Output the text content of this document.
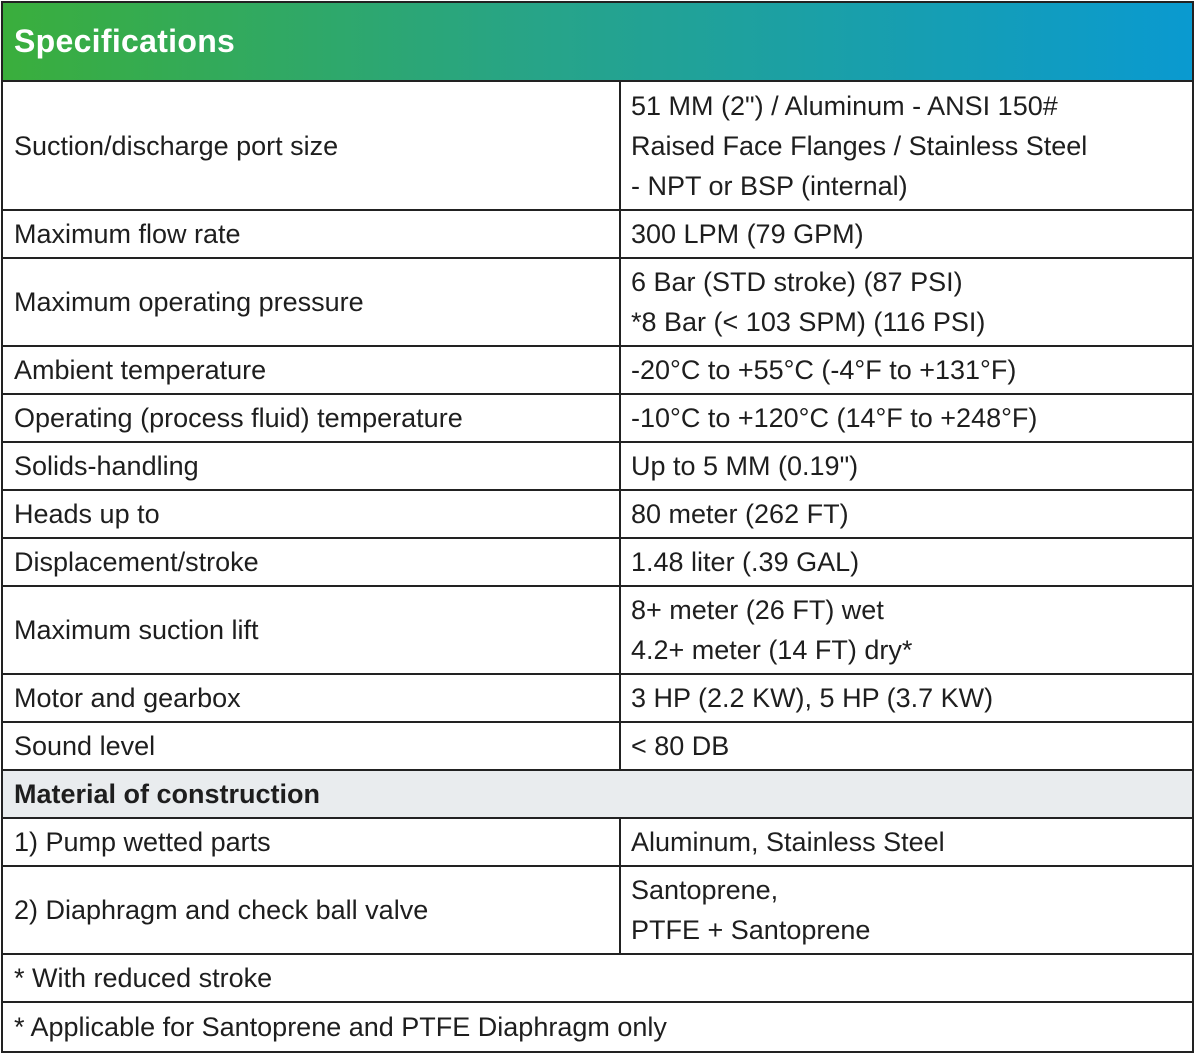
Specifications
Suction/discharge port size	51 MM (2") / Aluminum - ANSI 150#
Raised Face Flanges / Stainless Steel
- NPT or BSP (internal)

Maximum flow rate	300 LPM (79 GPM)
Maximum operating pressure	6 Bar (STD stroke) (87 PSI)
*8 Bar (< 103 SPM) (116 PSI)

Ambient temperature	-20°C to +55°C (-4°F to +131°F)
Operating (process fluid) temperature	-10°C to +120°C (14°F to +248°F)
Solids-handling	Up to 5 MM (0.19")
Heads up to	80 meter (262 FT)
Displacement/stroke	1.48 liter (.39 GAL)
Maximum suction lift	8+ meter (26 FT) wet
4.2+ meter (14 FT) dry*

Motor and gearbox	3 HP (2.2 KW), 5 HP (3.7 KW)
Sound level	< 80 DB
Material of construction	
1) Pump wetted parts	Aluminum, Stainless Steel
2) Diaphragm and check ball valve	Santoprene,
PTFE + Santoprene

* With reduced stroke	
* Applicable for Santoprene and PTFE Diaphragm only	
